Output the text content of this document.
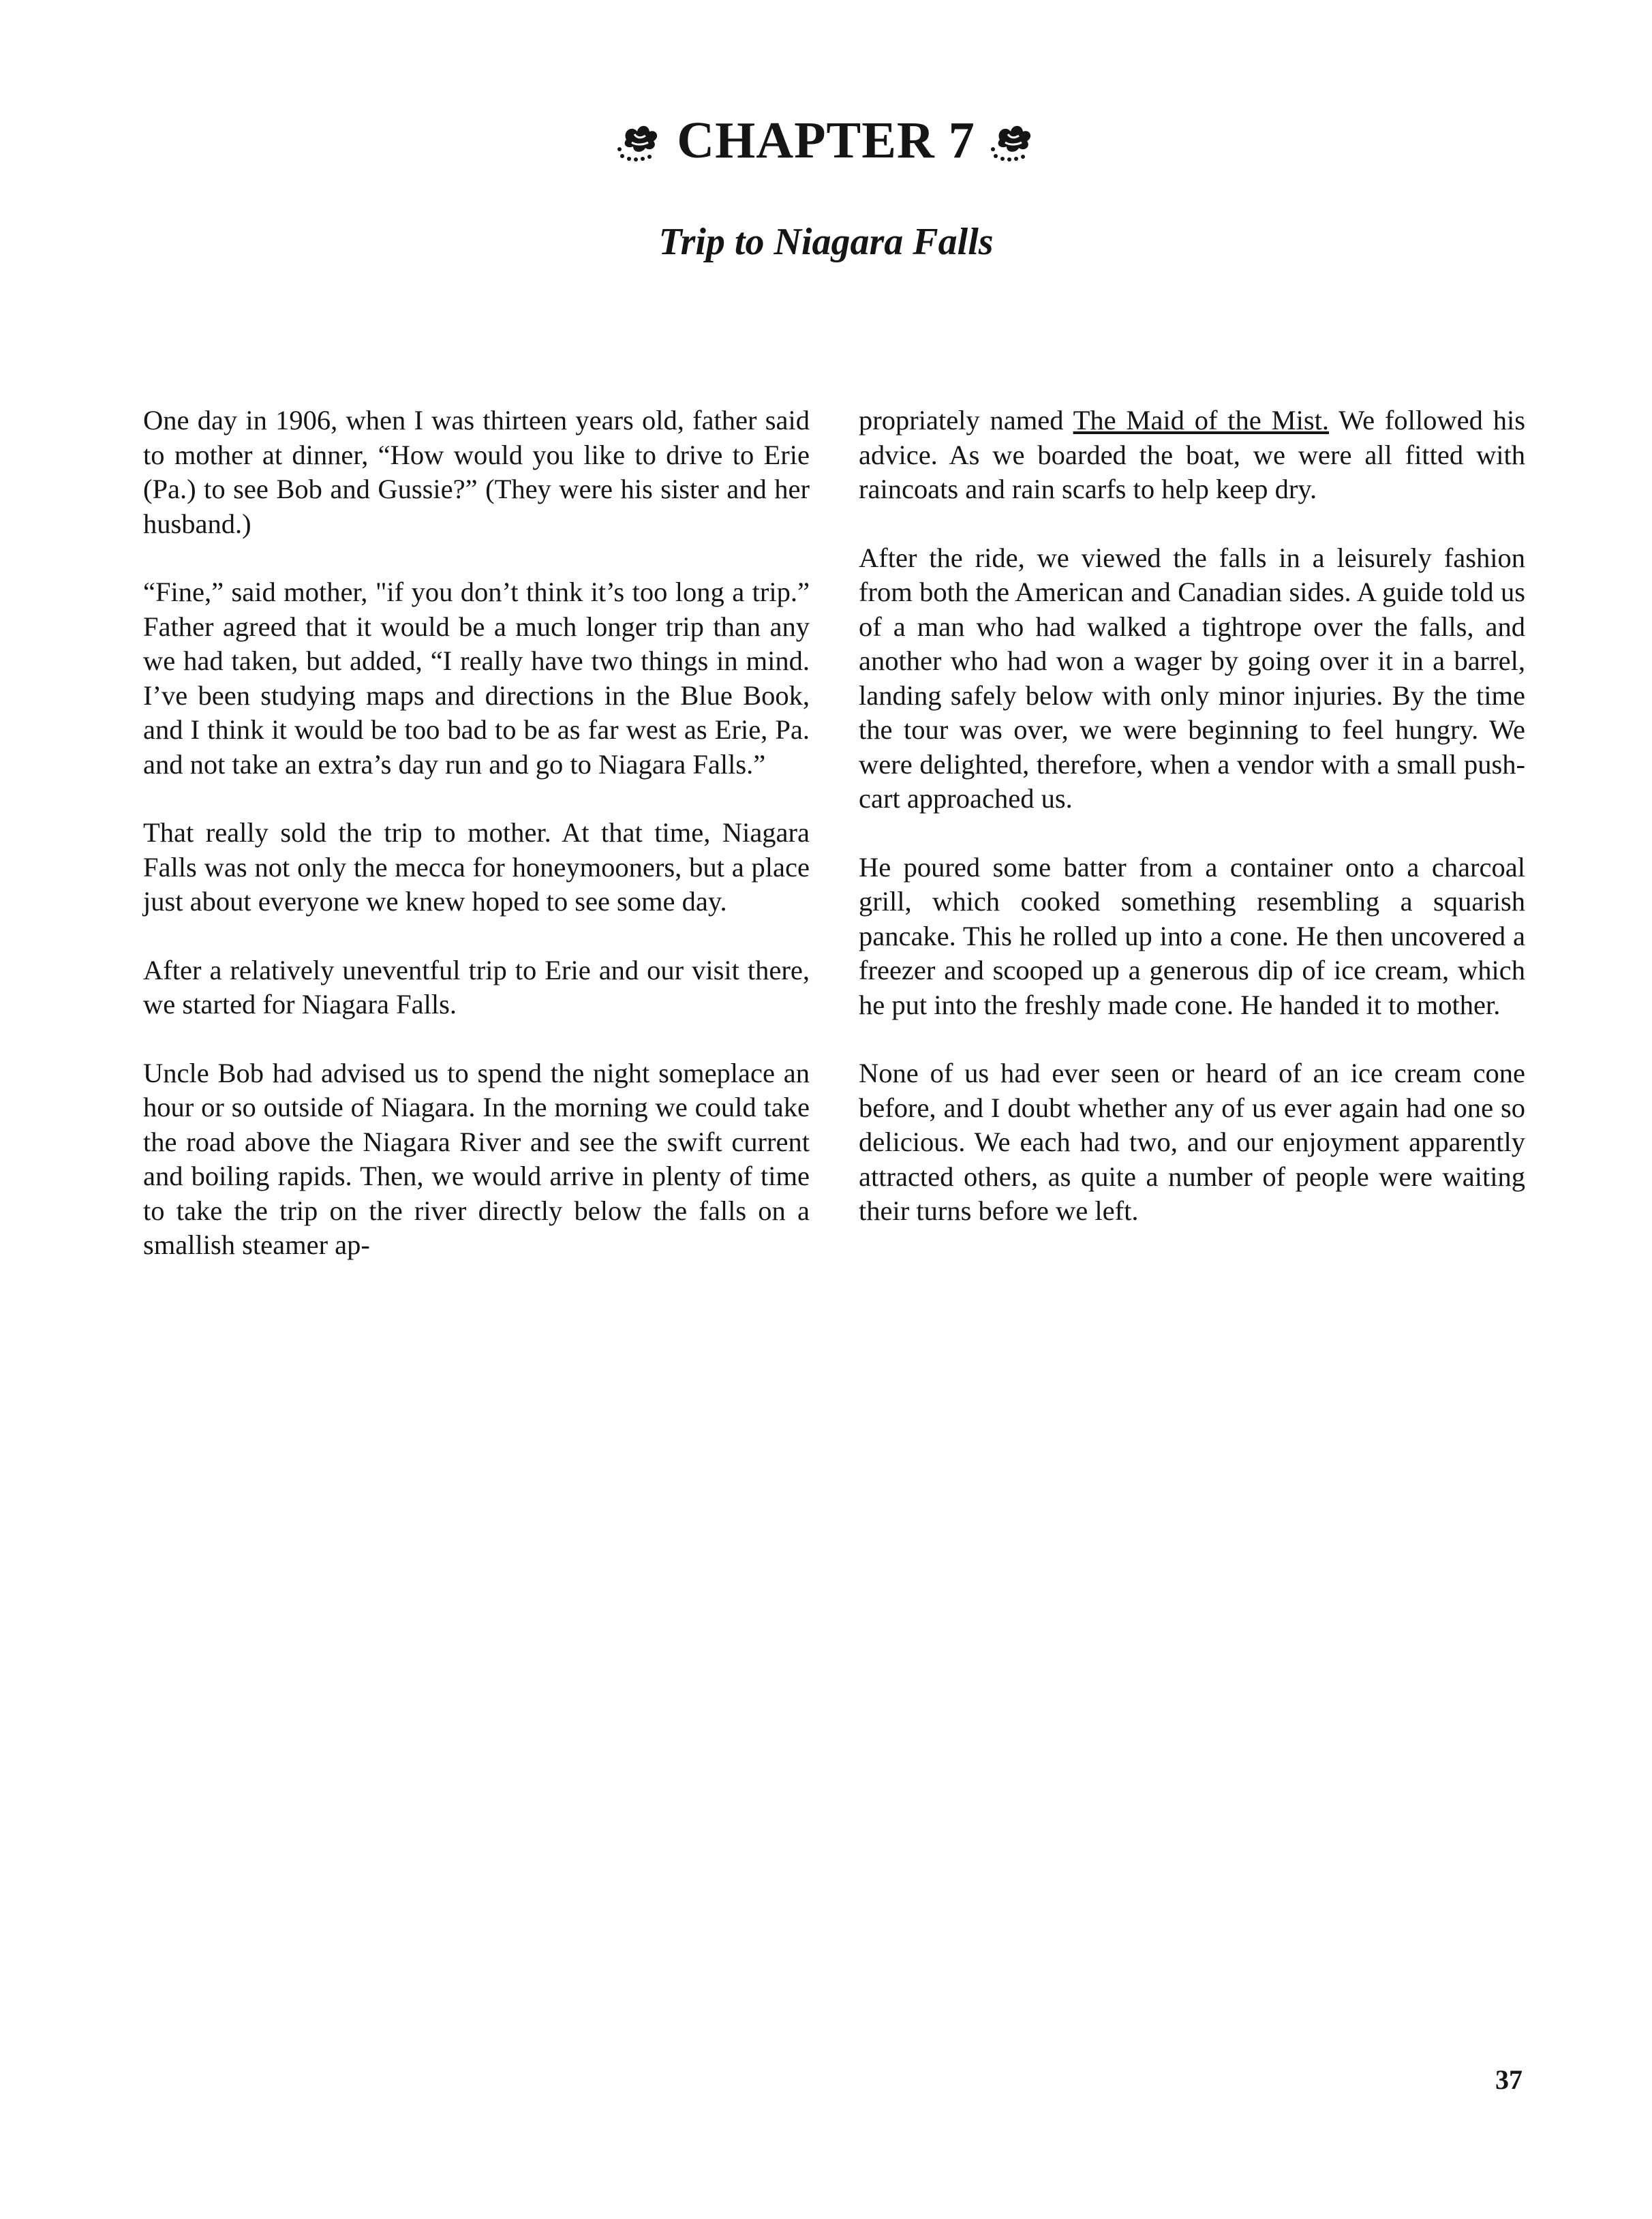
CHAPTER 7
Trip to Niagara Falls

One day in 1906, when I was thirteen years old, father said to mother at dinner, “How would you like to drive to Erie (Pa.) to see Bob and Gussie?” (They were his sister and her husband.)

“Fine,” said mother, "if you don’t think it’s too long a trip.” Father agreed that it would be a much longer trip than any we had taken, but added, “I really have two things in mind. I’ve been studying maps and directions in the Blue Book, and I think it would be too bad to be as far west as Erie, Pa. and not take an extra’s day run and go to Niagara Falls.”

That really sold the trip to mother. At that time, Niagara Falls was not only the mecca for honeymooners, but a place just about everyone we knew hoped to see some day.

After a relatively uneventful trip to Erie and our visit there, we started for Niagara Falls.

Uncle Bob had advised us to spend the night someplace an hour or so outside of Niagara. In the morning we could take the road above the Niagara River and see the swift current and boiling rapids. Then, we would arrive in plenty of time to take the trip on the river directly below the falls on a smallish steamer ap-

propriately named The Maid of the Mist. We followed his advice. As we boarded the boat, we were all fitted with raincoats and rain scarfs to help keep dry.

After the ride, we viewed the falls in a leisurely fashion from both the American and Canadian sides. A guide told us of a man who had walked a tightrope over the falls, and another who had won a wager by going over it in a barrel, landing safely below with only minor injuries. By the time the tour was over, we were beginning to feel hungry. We were delighted, therefore, when a vendor with a small push-cart approached us.

He poured some batter from a container onto a charcoal grill, which cooked something resembling a squarish pancake. This he rolled up into a cone. He then uncovered a freezer and scooped up a generous dip of ice cream, which he put into the freshly made cone. He handed it to mother.

None of us had ever seen or heard of an ice cream cone before, and I doubt whether any of us ever again had one so delicious. We each had two, and our enjoyment apparently attracted others, as quite a number of people were waiting their turns before we left.

37
